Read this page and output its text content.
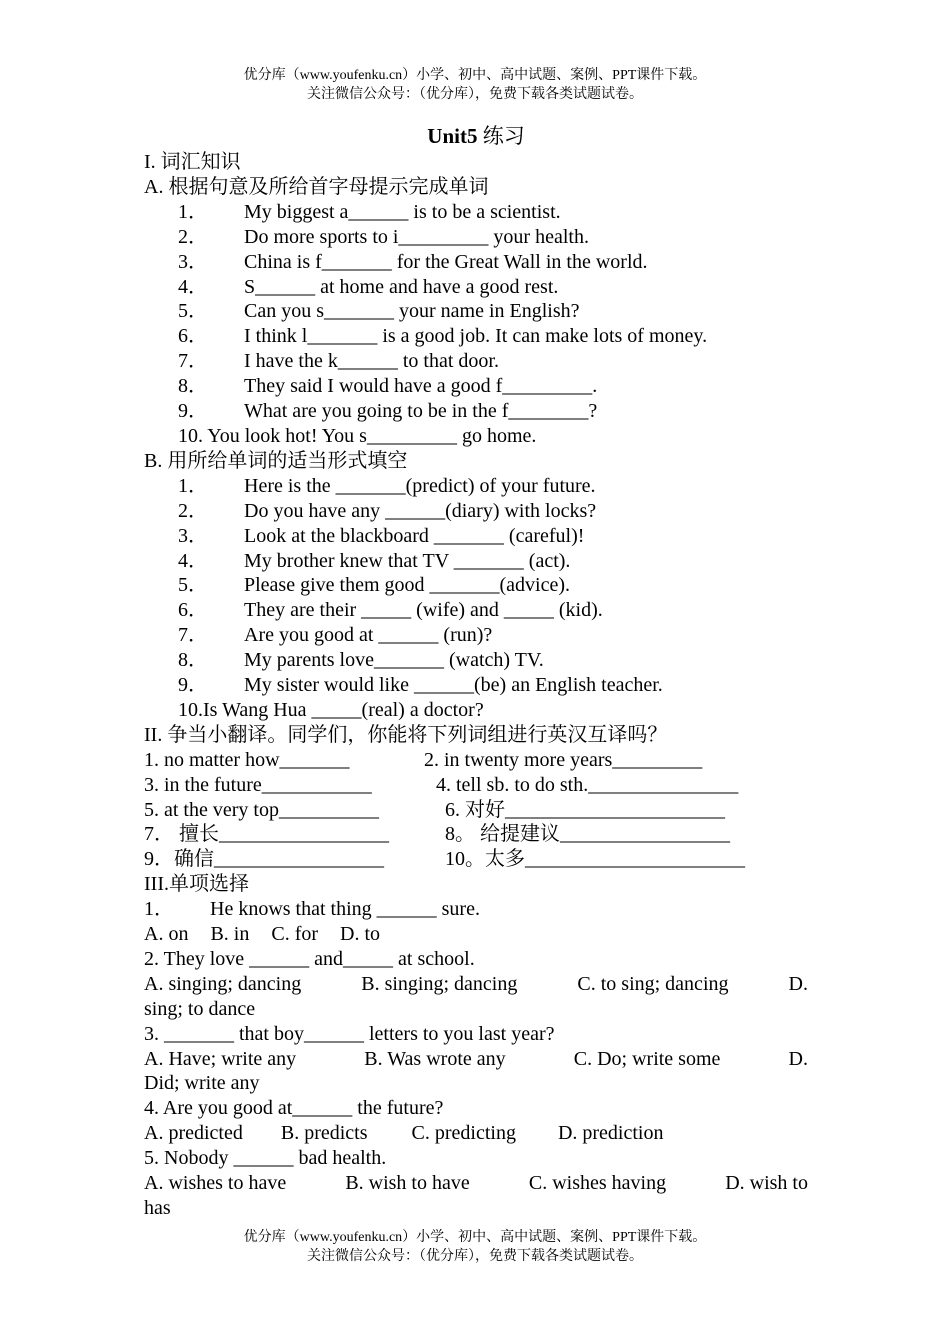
优分库（www.youfenku.cn）小学、初中、高中试题、案例、PPT课件下载。
关注微信公众号：（优分库），免费下载各类试题试卷。
Unit5 练习
I. 词汇知识
A. 根据句意及所给首字母提示完成单词
1． My biggest a______ is to be a scientist.
2． Do more sports to i_________ your health.
3． China is f_______ for the Great Wall in the world.
4． S______ at home and have a good rest.
5． Can you s_______ your name in English?
6． I think l_______ is a good job. It can make lots of money.
7． I have the k______ to that door.
8． They said I would have a good f_________.
9． What are you going to be in the f________?
10. You look hot! You s_________ go home.
B. 用所给单词的适当形式填空
1． Here is the _______(predict) of your future.
2． Do you have any ______(diary) with locks?
3． Look at the blackboard _______ (careful)!
4． My brother knew that TV _______ (act).
5． Please give them good _______(advice).
6． They are their _____ (wife) and _____ (kid).
7． Are you good at ______ (run)?
8． My parents love_______ (watch) TV.
9． My sister would like ______(be) an English teacher.
10.Is Wang Hua _____(real) a doctor?
II. 争当小翻译。同学们，你能将下列词组进行英汉互译吗？
1. no matter how_______	2. in twenty more years_________
3. in the future___________	4. tell sb. to do sth._______________
5. at the very top__________	6. 对好______________________
7． 擅长_________________	8。 给提建议_________________
9．确信_________________	10。太多______________________
III.单项选择
1． He knows that thing ______ sure.
A. on B. in C. for D. to
2. They love ______ and_____ at school.
A. singing; dancing	B. singing; dancing	C. to sing; dancing	D.
sing; to dance
3. _______ that boy______ letters to you last year?
A. Have; write any	B. Was wrote any	C. Do; write some	D.
Did; write any
4. Are you good at______ the future?
A. predicted B. predicts C. predicting D. prediction
5. Nobody ______ bad health.
A. wishes to have	B. wish to have	C. wishes having	D. wish to
has
优分库（www.youfenku.cn）小学、初中、高中试题、案例、PPT课件下载。
关注微信公众号：（优分库），免费下载各类试题试卷。
